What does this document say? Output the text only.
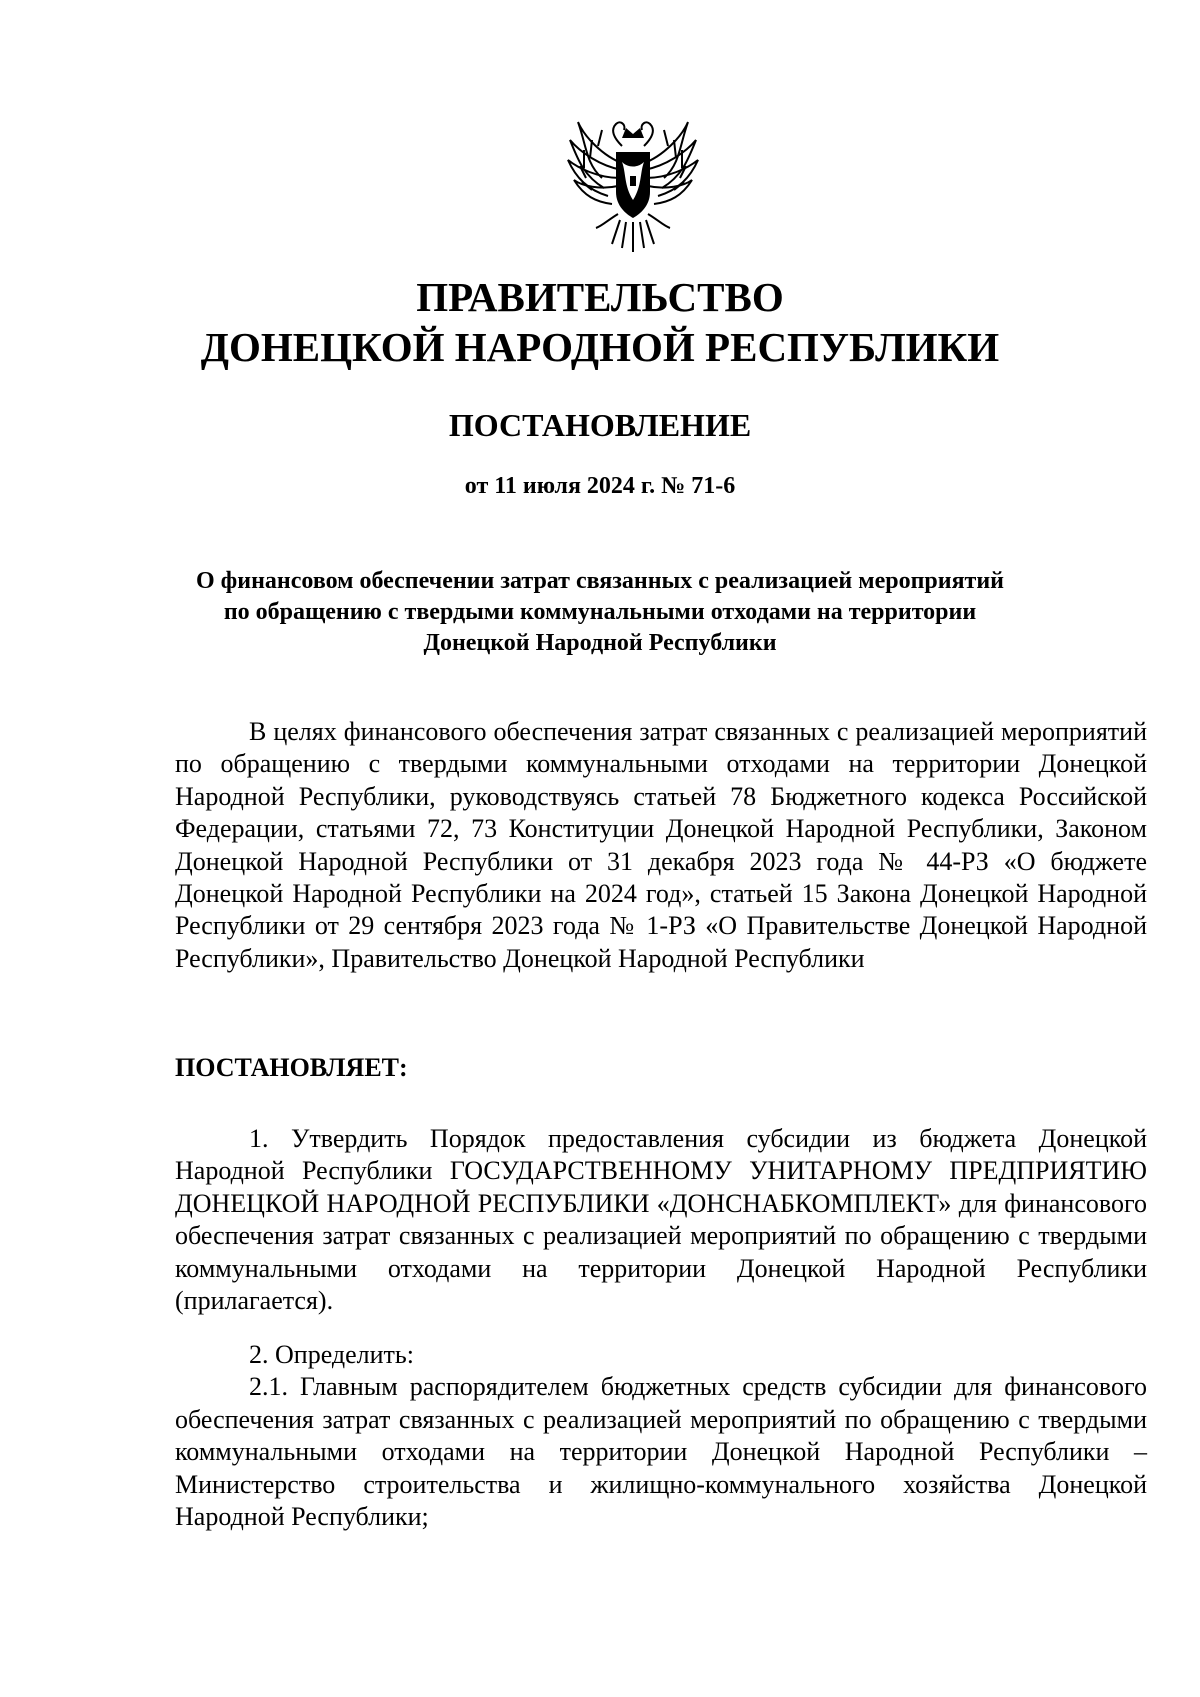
ПРАВИТЕЛЬСТВО
ДОНЕЦКОЙ НАРОДНОЙ РЕСПУБЛИКИ
ПОСТАНОВЛЕНИЕ
от 11 июля 2024 г. № 71-6
О финансовом обеспечении затрат связанных с реализацией мероприятий
по обращению с твердыми коммунальными отходами на территории
Донецкой Народной Республики

В целях финансового обеспечения затрат связанных с реализацией мероприятий по обращению с твердыми коммунальными отходами на территории Донецкой Народной Республики, руководствуясь статьей 78 Бюджетного кодекса Российской Федерации, статьями 72, 73 Конституции Донецкой Народной Республики, Законом Донецкой Народной Республики от 31 декабря 2023 года № 44-РЗ «О бюджете Донецкой Народной Республики на 2024 год», статьей 15 Закона Донецкой Народной Республики от 29 сентября 2023 года № 1-РЗ «О Правительстве Донецкой Народной Республики», Правительство Донецкой Народной Республики

ПОСТАНОВЛЯЕТ:

1. Утвердить Порядок предоставления субсидии из бюджета Донецкой Народной Республики ГОСУДАРСТВЕННОМУ УНИТАРНОМУ ПРЕДПРИЯТИЮ ДОНЕЦКОЙ НАРОДНОЙ РЕСПУБЛИКИ «ДОНСНАБКОМПЛЕКТ» для финансового обеспечения затрат связанных с реализацией мероприятий по обращению с твердыми коммунальными отходами на территории Донецкой Народной Республики (прилагается).

2. Определить:

2.1. Главным распорядителем бюджетных средств субсидии для финансового обеспечения затрат связанных с реализацией мероприятий по обращению с твердыми коммунальными отходами на территории Донецкой Народной Республики – Министерство строительства и жилищно-коммунального хозяйства Донецкой Народной Республики;
